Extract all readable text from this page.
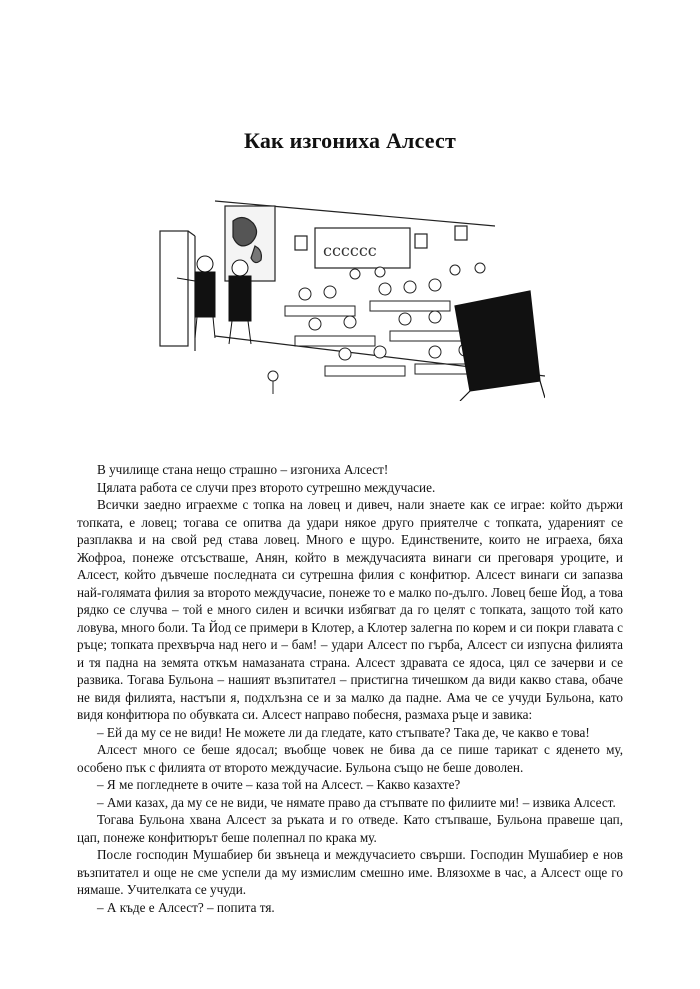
Как изгониха Алсест
cccccc

В училище стана нещо страшно – изгониха Алсест!

Цялата работа се случи през второто сутрешно междучасие.

Всички заедно играехме с топка на ловец и дивеч, нали знаете как се играе: който държи топката, е ловец; тогава се опитва да удари някое друго приятелче с топката, удареният се разплаква и на свой ред става ловец. Много е щуро. Единствените, които не играеха, бяха Жофроа, понеже отсъстваше, Анян, който в междучасията винаги си преговаря уроците, и Алсест, който дъвчеше последната си сутрешна филия с конфитюр. Алсест винаги си запазва най-голямата филия за второто междучасие, понеже то е малко по-дълго. Ловец беше Йод, а това рядко се случва – той е много силен и всички избягват да го целят с топката, защото той като ловува, много боли. Та Йод се примери в Клотер, а Клотер залегна по корем и си покри главата с ръце; топката прехвърча над него и – бам! – удари Алсест по гърба, Алсест си изпусна филията и тя падна на земята откъм намазаната страна. Алсест здравата се ядоса, цял се зачерви и се развика. Тогава Бульона – нашият възпитател – пристигна тичешком да види какво става, обаче не видя филията, настъпи я, подхлъзна се и за малко да падне. Ама че се учуди Бульона, като видя конфитюра по обувката си. Алсест направо побесня, размаха ръце и завика:

– Ей да му се не види! Не можете ли да гледате, като стъпвате? Така де, че какво е това!

Алсест много се беше ядосал; въобще човек не бива да се пише тарикат с яденето му, особено пък с филията от второто междучасие. Бульона също не беше доволен.

– Я ме погледнете в очите – каза той на Алсест. – Какво казахте?

– Ами казах, да му се не види, че нямате право да стъпвате по филиите ми! – извика Алсест.

Тогава Бульона хвана Алсест за ръката и го отведе. Като стъпваше, Бульона правеше цап, цап, понеже конфитюрът беше полепнал по крака му.

После господин Мушабиер би звънеца и междучасието свърши. Господин Мушабиер е нов възпитател и още не сме успели да му измислим смешно име. Влязохме в час, а Алсест още го нямаше. Учителката се учуди.

– А къде е Алсест? – попита тя.
